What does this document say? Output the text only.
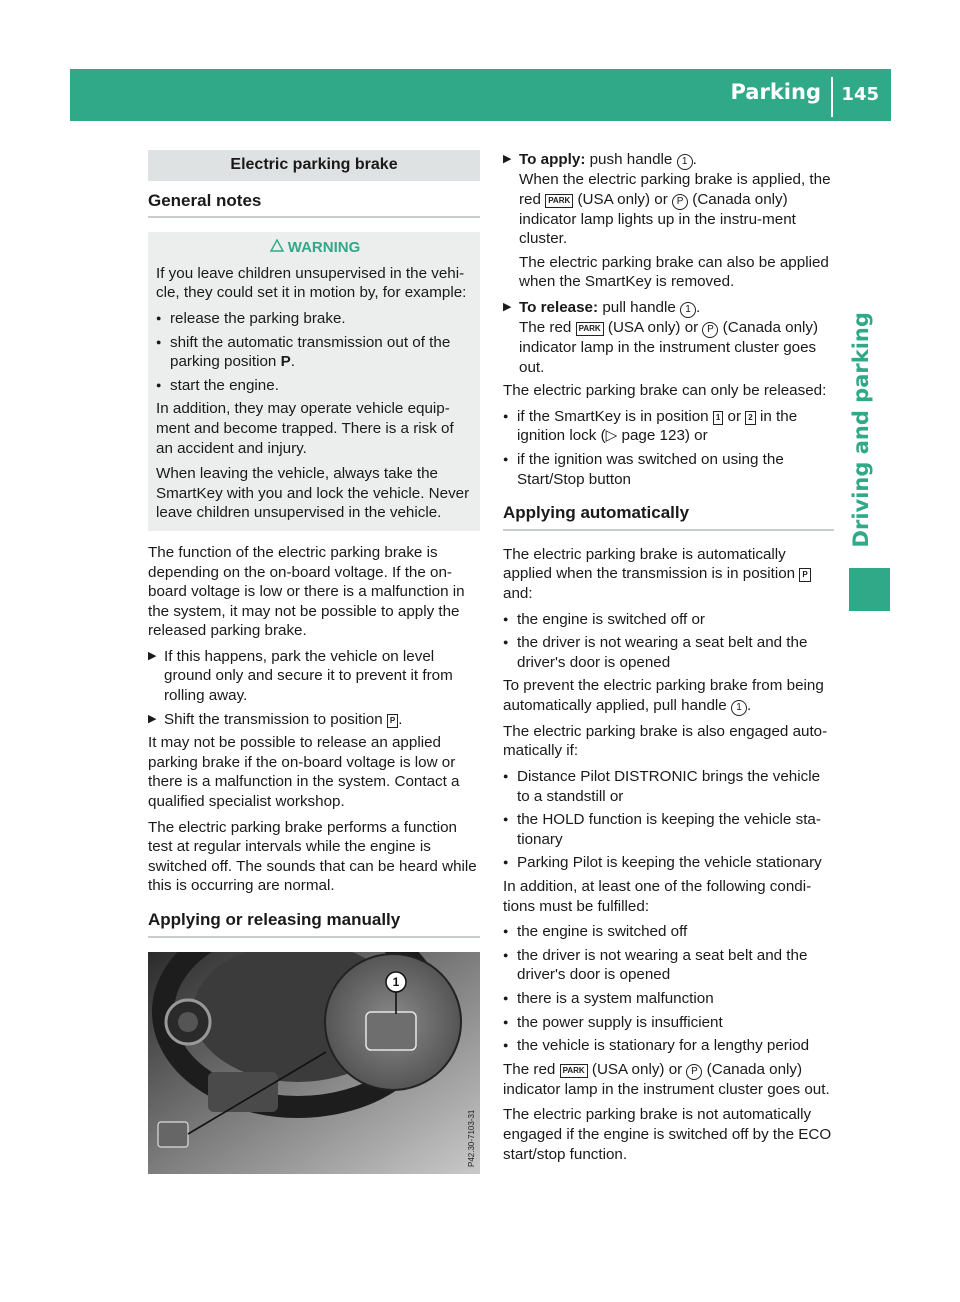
Parking 145
Driving and parking
Electric parking brake
General notes
WARNING

If you leave children unsupervised in the vehi-cle, they could set it in motion by, for example:

● release the parking brake.
● shift the automatic transmission out of the parking position P.
● start the engine.

In addition, they may operate vehicle equip-ment and become trapped. There is a risk of an accident and injury.

When leaving the vehicle, always take the SmartKey with you and lock the vehicle. Never leave children unsupervised in the vehicle.

The function of the electric parking brake is depending on the on-board voltage. If the on-board voltage is low or there is a malfunction in the system, it may not be possible to apply the released parking brake.

▶ If this happens, park the vehicle on level ground only and secure it to prevent it from rolling away.
▶ Shift the transmission to position P .

It may not be possible to release an applied parking brake if the on-board voltage is low or there is a malfunction in the system. Contact a qualified specialist workshop.

The electric parking brake performs a function test at regular intervals while the engine is switched off. The sounds that can be heard while this is occurring are normal.

Applying or releasing manually
1
P42.30-7103-31
▶ To apply: push handle 1 .
When the electric parking brake is applied, the red PARK (USA only) or P (Canada only) indicator lamp lights up in the instru-ment cluster.
The electric parking brake can also be applied when the SmartKey is removed.
▶ To release: pull handle 1 .
The red PARK (USA only) or P (Canada only) indicator lamp in the instrument cluster goes out.

The electric parking brake can only be released:

● if the SmartKey is in position 1 or 2 in the ignition lock (▷ page 123) or
● if the ignition was switched on using the Start/Stop button
Applying automatically

The electric parking brake is automatically applied when the transmission is in position P and:

● the engine is switched off or
● the driver is not wearing a seat belt and the driver's door is opened

To prevent the electric parking brake from being automatically applied, pull handle 1 .

The electric parking brake is also engaged auto-matically if:

● Distance Pilot DISTRONIC brings the vehicle to a standstill or
● the HOLD function is keeping the vehicle sta-tionary
● Parking Pilot is keeping the vehicle stationary

In addition, at least one of the following condi-tions must be fulfilled:

● the engine is switched off
● the driver is not wearing a seat belt and the driver's door is opened
● there is a system malfunction
● the power supply is insufficient
● the vehicle is stationary for a lengthy period

The red PARK (USA only) or P (Canada only) indicator lamp in the instrument cluster goes out.

The electric parking brake is not automatically engaged if the engine is switched off by the ECO start/stop function.
